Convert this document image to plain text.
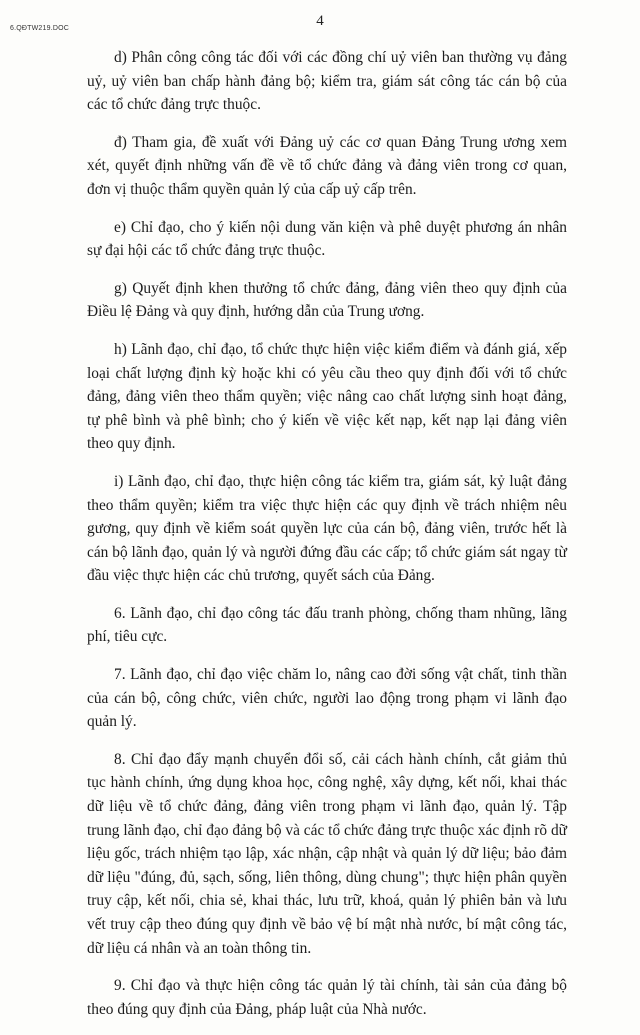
6.QĐTW219.DOC	4

d) Phân công công tác đối với các đồng chí uỷ viên ban thường vụ đảng uỷ, uỷ viên ban chấp hành đảng bộ; kiểm tra, giám sát công tác cán bộ của các tổ chức đảng trực thuộc.

đ) Tham gia, đề xuất với Đảng uỷ các cơ quan Đảng Trung ương xem xét, quyết định những vấn đề về tổ chức đảng và đảng viên trong cơ quan, đơn vị thuộc thẩm quyền quản lý của cấp uỷ cấp trên.

e) Chỉ đạo, cho ý kiến nội dung văn kiện và phê duyệt phương án nhân sự đại hội các tổ chức đảng trực thuộc.

g) Quyết định khen thưởng tổ chức đảng, đảng viên theo quy định của Điều lệ Đảng và quy định, hướng dẫn của Trung ương.

h) Lãnh đạo, chỉ đạo, tổ chức thực hiện việc kiểm điểm và đánh giá, xếp loại chất lượng định kỳ hoặc khi có yêu cầu theo quy định đối với tổ chức đảng, đảng viên theo thẩm quyền; việc nâng cao chất lượng sinh hoạt đảng, tự phê bình và phê bình; cho ý kiến về việc kết nạp, kết nạp lại đảng viên theo quy định.

i) Lãnh đạo, chỉ đạo, thực hiện công tác kiểm tra, giám sát, kỷ luật đảng theo thẩm quyền; kiểm tra việc thực hiện các quy định về trách nhiệm nêu gương, quy định về kiểm soát quyền lực của cán bộ, đảng viên, trước hết là cán bộ lãnh đạo, quản lý và người đứng đầu các cấp; tổ chức giám sát ngay từ đầu việc thực hiện các chủ trương, quyết sách của Đảng.

6. Lãnh đạo, chỉ đạo công tác đấu tranh phòng, chống tham nhũng, lãng phí, tiêu cực.

7. Lãnh đạo, chỉ đạo việc chăm lo, nâng cao đời sống vật chất, tinh thần của cán bộ, công chức, viên chức, người lao động trong phạm vi lãnh đạo quản lý.

8. Chỉ đạo đẩy mạnh chuyển đổi số, cải cách hành chính, cắt giảm thủ tục hành chính, ứng dụng khoa học, công nghệ, xây dựng, kết nối, khai thác dữ liệu về tổ chức đảng, đảng viên trong phạm vi lãnh đạo, quản lý. Tập trung lãnh đạo, chỉ đạo đảng bộ và các tổ chức đảng trực thuộc xác định rõ dữ liệu gốc, trách nhiệm tạo lập, xác nhận, cập nhật và quản lý dữ liệu; bảo đảm dữ liệu "đúng, đủ, sạch, sống, liên thông, dùng chung"; thực hiện phân quyền truy cập, kết nối, chia sẻ, khai thác, lưu trữ, khoá, quản lý phiên bản và lưu vết truy cập theo đúng quy định về bảo vệ bí mật nhà nước, bí mật công tác, dữ liệu cá nhân và an toàn thông tin.

9. Chỉ đạo và thực hiện công tác quản lý tài chính, tài sản của đảng bộ theo đúng quy định của Đảng, pháp luật của Nhà nước.
